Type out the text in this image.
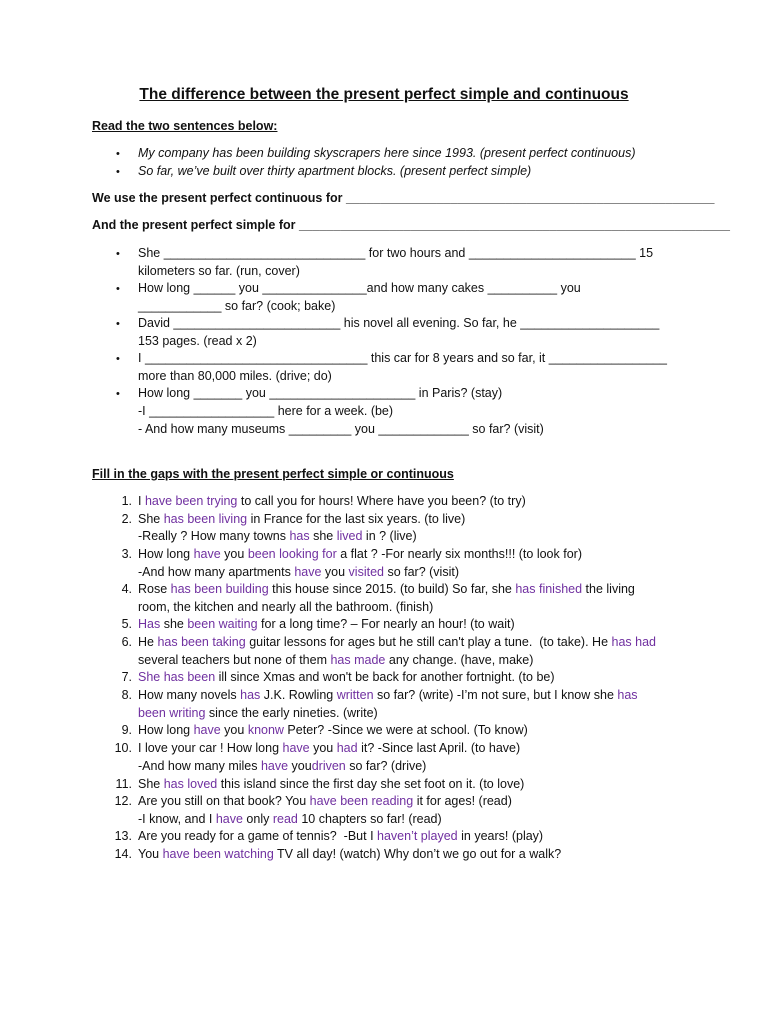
The difference between the present perfect simple and continuous
Read the two sentences below:
• My company has been building skyscrapers here since 1993. (present perfect continuous)
• So far, we’ve built over thirty apartment blocks. (present perfect simple)
We use the present perfect continuous for _____________________________________________________
And the present perfect simple for ______________________________________________________________
• She _____________________________ for two hours and ________________________ 15
kilometers so far. (run, cover)
• How long ______ you _______________and how many cakes __________ you
____________ so far? (cook; bake)
• David ________________________ his novel all evening. So far, he ____________________
153 pages. (read x 2)
• I ________________________________ this car for 8 years and so far, it _________________
more than 80,000 miles. (drive; do)
• How long _______ you _____________________ in Paris? (stay)
-I __________________ here for a week. (be)
- And how many museums _________ you _____________ so far? (visit)
Fill in the gaps with the present perfect simple or continuous
1.
2.
3.
4.
5.
6.
7.
8.
9.
10.
11.
12.
13.
14.
I have been trying to call you for hours! Where have you been? (to try)
She has been living in France for the last six years. (to live)
-Really ? How many towns has she lived in ? (live)
How long have you been looking for a flat ? -For nearly six months!!! (to look for)
-And how many apartments have you visited so far? (visit)
Rose has been building this house since 2015. (to build) So far, she has finished the living
room, the kitchen and nearly all the bathroom. (finish)
Has she been waiting for a long time? – For nearly an hour! (to wait)
He has been taking guitar lessons for ages but he still can't play a tune.  (to take). He has had
several teachers but none of them has made any change. (have, make)
She has been ill since Xmas and won't be back for another fortnight. (to be)
How many novels has J.K. Rowling written so far? (write) -I’m not sure, but I know she has
been writing since the early nineties. (write)
How long have you knonw Peter? -Since we were at school. (To know)
I love your car ! How long have you had it? -Since last April. (to have)
-And how many miles have youdriven so far? (drive)
She has loved this island since the first day she set foot on it. (to love)
Are you still on that book? You have been reading it for ages! (read)
-I know, and I have only read 10 chapters so far! (read)
Are you ready for a game of tennis?  -But I haven’t played in years! (play)
You have been watching TV all day! (watch) Why don’t we go out for a walk?
